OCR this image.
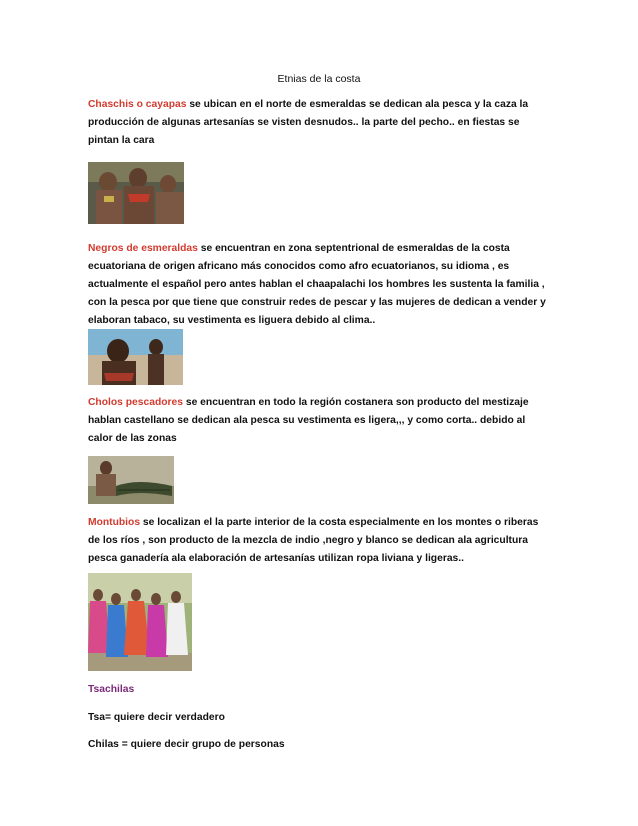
Etnias de la costa

Chaschis o cayapas se ubican en el norte de esmeraldas se dedican ala pesca y la caza la producción de algunas artesanías se visten desnudos.. la parte del pecho.. en fiestas se pintan la cara

Negros de esmeraldas se encuentran en zona septentrional de esmeraldas de la costa ecuatoriana de origen africano más conocidos como afro ecuatorianos, su idioma , es actualmente el español pero antes hablan el chaapalachi los hombres les sustenta la familia , con la pesca por que tiene que construir redes de pescar y las mujeres de dedican a vender y elaboran tabaco, su vestimenta es liguera debido al clima..

Cholos pescadores se encuentran en todo la región costanera son producto del mestizaje hablan castellano se dedican ala pesca su vestimenta es ligera,,, y como corta.. debido al calor de las zonas

Montubios se localizan el la parte interior de la costa especialmente en los montes o riberas de los ríos , son producto de la mezcla de indio ,negro y blanco se dedican ala agricultura pesca ganadería ala elaboración de artesanías utilizan ropa liviana y ligeras..

Tsachilas
Tsa= quiere decir verdadero
Chilas = quiere decir grupo de personas
